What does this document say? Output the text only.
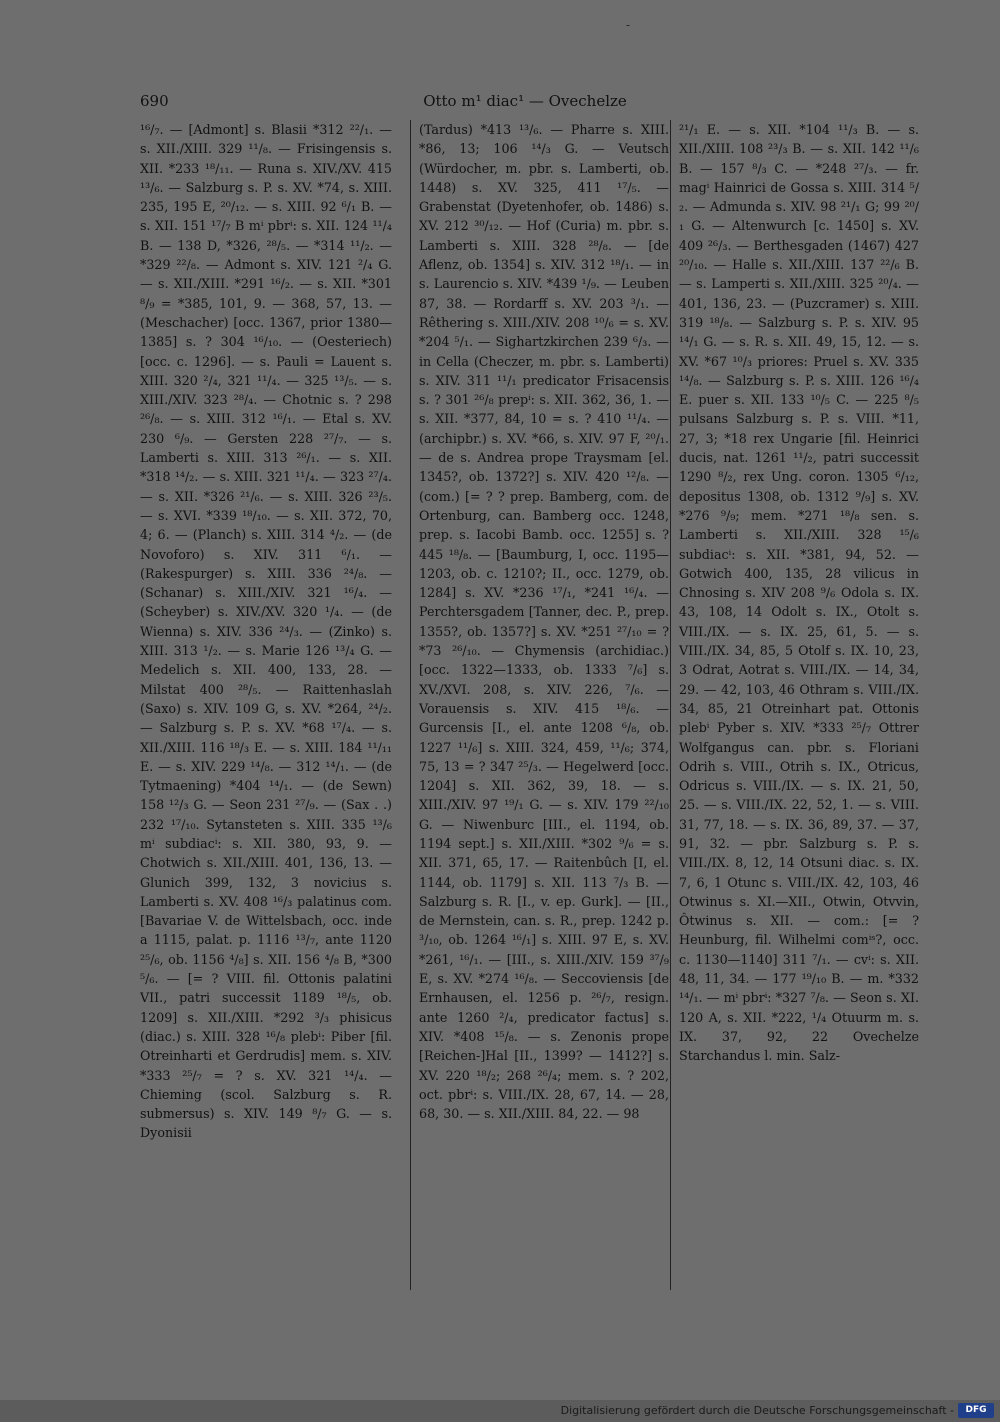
-
690	Otto m¹ diac¹ — Ovechelze

¹⁶/₇. — [Admont] s. Blasii *312 ²²/₁. — s. XII./XIII. 329 ¹¹/₈. — Frisingensis s. XII. *233 ¹⁸/₁₁. — Runa s. XIV./XV. 415 ¹³/₆. — Salzburg s. P. s. XV. *74, s. XIII. 235, 195 E, ²⁰/₁₂. — s. XIII. 92 ⁶/₁ B. — s. XII. 151 ¹⁷/₇ B mⁱ pbrⁱ: s. XII. 124 ¹¹/₄ B. — 138 D, *326, ²⁸/₅. — *314 ¹¹/₂. — *329 ²²/₈. — Admont s. XIV. 121 ²/₄ G. — s. XII./XIII. *291 ¹⁶/₂. — s. XII. *301 ⁸/₉ = *385, 101, 9. — 368, 57, 13. — (Meschacher) [occ. 1367, prior 1380—1385] s. ? 304 ¹⁶/₁₀. — (Oesteriech) [occ. c. 1296]. — s. Pauli = Lauent s. XIII. 320 ²/₄, 321 ¹¹/₄. — 325 ¹³/₅. — s. XIII./XIV. 323 ²⁸/₄. — Chotnic s. ? 298 ²⁶/₈. — s. XIII. 312 ¹⁶/₁. — Etal s. XV. 230 ⁶/₉. — Gersten 228 ²⁷/₇. — s. Lamberti s. XIII. 313 ²⁶/₁. — s. XII. *318 ¹⁴/₂. — s. XIII. 321 ¹¹/₄. — 323 ²⁷/₄. — s. XII. *326 ²¹/₆. — s. XIII. 326 ²³/₅. — s. XVI. *339 ¹⁸/₁₀. — s. XII. 372, 70, 4; 6. — (Planch) s. XIII. 314 ⁴/₂. — (de Novoforo) s. XIV. 311 ⁶/₁. — (Rakespurger) s. XIII. 336 ²⁴/₈. — (Schanar) s. XIII./XIV. 321 ¹⁶/₄. — (Scheyber) s. XIV./XV. 320 ¹/₄. — (de Wienna) s. XIV. 336 ²⁴/₃. — (Zinko) s. XIII. 313 ¹/₂. — s. Marie 126 ¹³/₄ G. — Medelich s. XII. 400, 133, 28. — Milstat 400 ²⁸/₅. — Raittenhaslah (Saxo) s. XIV. 109 G, s. XV. *264, ²⁴/₂. — Salzburg s. P. s. XV. *68 ¹⁷/₄. — s. XII./XIII. 116 ¹⁸/₃ E. — s. XIII. 184 ¹¹/₁₁ E. — s. XIV. 229 ¹⁴/₈. — 312 ¹⁴/₁. — (de Tytmaening) *404 ¹⁴/₁. — (de Sewn) 158 ¹²/₃ G. — Seon 231 ²⁷/₉. — (Sax . .) 232 ¹⁷/₁₀. Sytansteten s. XIII. 335 ¹³/₆ mⁱ subdiacⁱ: s. XII. 380, 93, 9. — Chotwich s. XII./XIII. 401, 136, 13. — Glunich 399, 132, 3 novicius s. Lamberti s. XV. 408 ¹⁶/₃ palatinus com. [Bavariae V. de Wittelsbach, occ. inde a 1115, palat. p. 1116 ¹³/₇, ante 1120 ²⁵/₆, ob. 1156 ⁴/₈] s. XII. 156 ⁴/₈ B, *300 ⁵/₆. — [= ? VIII. fil. Ottonis palatini VII., patri successit 1189 ¹⁸/₅, ob. 1209] s. XII./XIII. *292 ³/₃ phisicus (diac.) s. XIII. 328 ¹⁶/₈ plebⁱ: Piber [fil. Otreinharti et Gerdrudis] mem. s. XIV. *333 ²⁵/₇ = ? s. XV. 321 ¹⁴/₄. — Chieming (scol. Salzburg s. R. submersus) s. XIV. 149 ⁸/₇ G. — s. Dyonisii

(Tardus) *413 ¹³/₆. — Pharre s. XIII. *86, 13; 106 ¹⁴/₃ G. — Veutsch (Würdocher, m. pbr. s. Lamberti, ob. 1448) s. XV. 325, 411 ¹⁷/₅. — Grabenstat (Dyetenhofer, ob. 1486) s. XV. 212 ³⁰/₁₂. — Hof (Curia) m. pbr. s. Lamberti s. XIII. 328 ²⁸/₈. — [de Aflenz, ob. 1354] s. XIV. 312 ¹⁸/₁. — in s. Laurencio s. XIV. *439 ¹/₉. — Leuben 87, 38. — Rordarff s. XV. 203 ³/₁. — Rêthering s. XIII./XIV. 208 ¹⁰/₆ = s. XV. *204 ⁵/₁. — Sighartzkirchen 239 ⁶/₃. — in Cella (Checzer, m. pbr. s. Lamberti) s. XIV. 311 ¹¹/₁ predicator Frisacensis s. ? 301 ²⁶/₈ prepⁱ: s. XII. 362, 36, 1. — s. XII. *377, 84, 10 = s. ? 410 ¹¹/₄. — (archipbr.) s. XV. *66, s. XIV. 97 F, ²⁰/₁. — de s. Andrea prope Traysmam [el. 1345?, ob. 1372?] s. XIV. 420 ¹²/₈. — (com.) [= ? ? prep. Bamberg, com. de Ortenburg, can. Bamberg occ. 1248, prep. s. Iacobi Bamb. occ. 1255] s. ? 445 ¹⁸/₈. — [Baumburg, I, occ. 1195—1203, ob. c. 1210?; II., occ. 1279, ob. 1284] s. XV. *236 ¹⁷/₁, *241 ¹⁶/₄. — Perchtersgadem [Tanner, dec. P., prep. 1355?, ob. 1357?] s. XV. *251 ²⁷/₁₀ = ? *73 ²⁶/₁₀. — Chymensis (archidiac.) [occ. 1322—1333, ob. 1333 ⁷/₆] s. XV./XVI. 208, s. XIV. 226, ⁷/₆. — Vorauensis s. XIV. 415 ¹⁸/₆. — Gurcensis [I., el. ante 1208 ⁶/₈, ob. 1227 ¹¹/₆] s. XIII. 324, 459, ¹¹/₆; 374, 75, 13 = ? 347 ²⁵/₃. — Hegelwerd [occ. 1204] s. XII. 362, 39, 18. — s. XIII./XIV. 97 ¹⁹/₁ G. — s. XIV. 179 ²²/₁₀ G. — Niwenburc [III., el. 1194, ob. 1194 sept.] s. XII./XIII. *302 ⁹/₆ = s. XII. 371, 65, 17. — Raitenbûch [I, el. 1144, ob. 1179] s. XII. 113 ⁷/₃ B. — Salzburg s. R. [I., v. ep. Gurk]. — [II., de Mernstein, can. s. R., prep. 1242 p. ³/₁₀, ob. 1264 ¹⁶/₁] s. XIII. 97 E, s. XV. *261, ¹⁶/₁. — [III., s. XIII./XIV. 159 ³⁷/₉ E, s. XV. *274 ¹⁶/₈. — Seccoviensis [de Ernhausen, el. 1256 p. ²⁶/₇, resign. ante 1260 ²/₄, predicator factus] s. XIV. *408 ¹⁵/₈. — s. Zenonis prope [Reichen-]Hal [II., 1399? — 1412?] s. XV. 220 ¹⁸/₂; 268 ²⁶/₄; mem. s. ? 202, oct. pbrⁱ: s. VIII./IX. 28, 67, 14. — 28, 68, 30. — s. XII./XIII. 84, 22. — 98

²¹/₁ E. — s. XII. *104 ¹¹/₃ B. — s. XII./XIII. 108 ²³/₃ B. — s. XII. 142 ¹¹/₆ B. — 157 ⁸/₃ C. — *248 ²⁷/₃. — fr. magⁱ Hainrici de Gossa s. XIII. 314 ⁵/₂. — Admunda s. XIV. 98 ²¹/₁ G; 99 ²⁰/₁ G. — Altenwurch [c. 1450] s. XV. 409 ²⁶/₃. — Berthesgaden (1467) 427 ²⁰/₁₀. — Halle s. XII./XIII. 137 ²²/₆ B. — s. Lamperti s. XII./XIII. 325 ²⁰/₄. — 401, 136, 23. — (Puzcramer) s. XIII. 319 ¹⁸/₈. — Salzburg s. P. s. XIV. 95 ¹⁴/₁ G. — s. R. s. XII. 49, 15, 12. — s. XV. *67 ¹⁰/₃ priores: Pruel s. XV. 335 ¹⁴/₈. — Salzburg s. P. s. XIII. 126 ¹⁶/₄ E. puer s. XII. 133 ¹⁰/₅ C. — 225 ⁸/₅ pulsans Salzburg s. P. s. VIII. *11, 27, 3; *18 rex Ungarie [fil. Heinrici ducis, nat. 1261 ¹¹/₂, patri successit 1290 ⁸/₂, rex Ung. coron. 1305 ⁶/₁₂, depositus 1308, ob. 1312 ⁹/₉] s. XV. *276 ⁹/₉; mem. *271 ¹⁸/₈ sen. s. Lamberti s. XII./XIII. 328 ¹⁵/₆ subdiacⁱ: s. XII. *381, 94, 52. — Gotwich 400, 135, 28 vilicus in Chnosing s. XIV 208 ⁹/₆ Odola s. IX. 43, 108, 14 Odolt s. IX., Otolt s. VIII./IX. — s. IX. 25, 61, 5. — s. VIII./IX. 34, 85, 5 Otolf s. IX. 10, 23, 3 Odrat, Aotrat s. VIII./IX. — 14, 34, 29. — 42, 103, 46 Othram s. VIII./IX. 34, 85, 21 Otreinhart pat. Ottonis plebⁱ Pyber s. XIV. *333 ²⁵/₇ Ottrer Wolfgangus can. pbr. s. Floriani Odrih s. VIII., Otrih s. IX., Otricus, Odricus s. VIII./IX. — s. IX. 21, 50, 25. — s. VIII./IX. 22, 52, 1. — s. VIII. 31, 77, 18. — s. IX. 36, 89, 37. — 37, 91, 32. — pbr. Salzburg s. P. s. VIII./IX. 8, 12, 14 Otsuni diac. s. IX. 7, 6, 1 Otunc s. VIII./IX. 42, 103, 46 Otwinus s. XI.—XII., Otwin, Otvvin, Ôtwinus s. XII. — com.: [= ? Heunburg, fil. Wilhelmi comⁱˢ?, occ. c. 1130—1140] 311 ⁷/₁. — cvⁱ: s. XII. 48, 11, 34. — 177 ¹⁹/₁₀ B. — m. *332 ¹⁴/₁. — mⁱ pbrⁱ: *327 ⁷/₈. — Seon s. XI. 120 A, s. XII. *222, ¹/₄ Otuurm m. s. IX. 37, 92, 22 Ovechelze Starchandus l. min. Salz-

Digitalisierung gefördert durch die Deutsche Forschungsgemeinschaft -	DFG
